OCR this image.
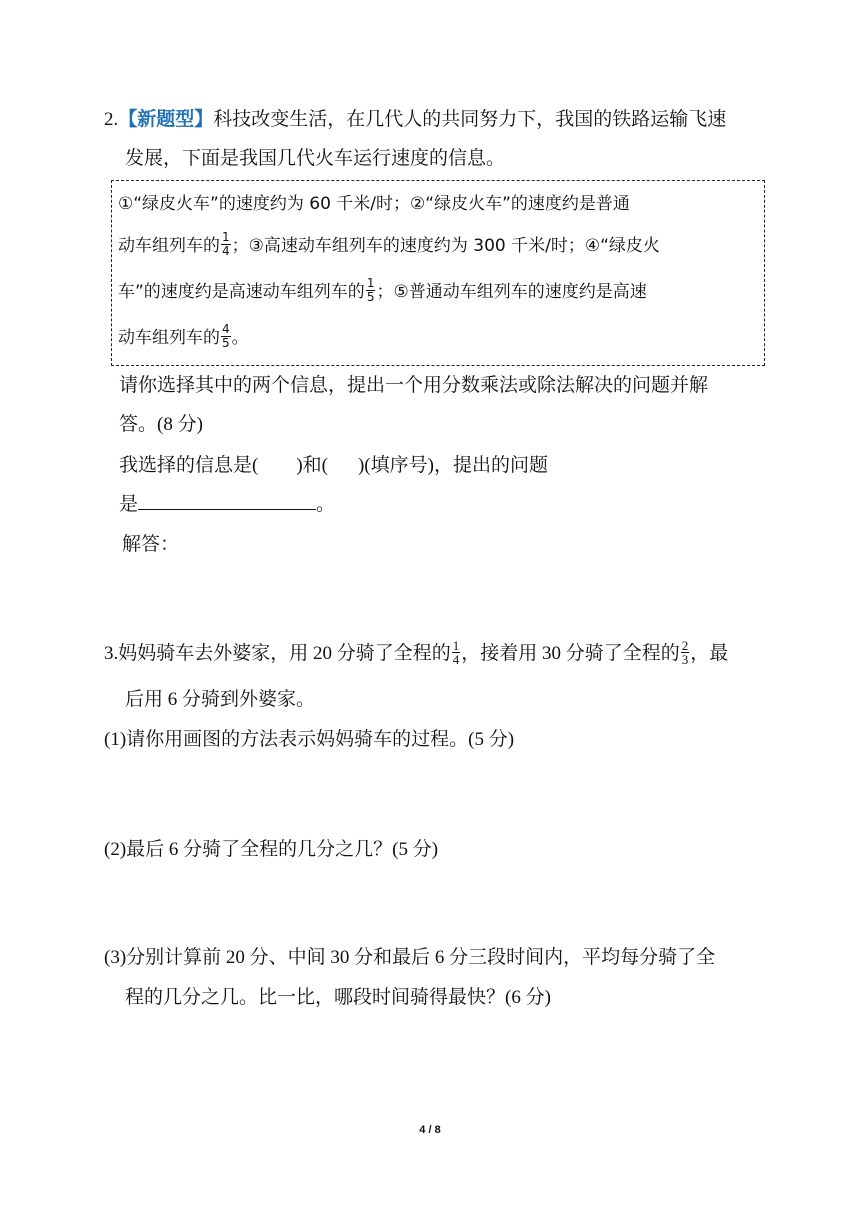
2.【新题型】科技改变生活，在几代人的共同努力下，我国的铁路运输飞速
发展，下面是我国几代火车运行速度的信息。
①“绿皮火车”的速度约为 60 千米/时；②“绿皮火车”的速度约是普通
动车组列车的 $\frac{1}{4}$ ；③高速动车组列车的速度约为 300 千米/时；④“绿皮火
车”的速度约是高速动车组列车的 $\frac{1}{5}$ ；⑤普通动车组列车的速度约是高速
动车组列车的 $\frac{4}{5}$ 。
请你选择其中的两个信息，提出一个用分数乘法或除法解决的问题并解
答。(8 分)
我选择的信息是( )和( )(填序号)，提出的问题
是	。
解答：
3.妈妈骑车去外婆家，用 20 分骑了全程的 $\frac{1}{4}$ ，接着用 30 分骑了全程的 $\frac{2}{3}$ ，最
后用 6 分骑到外婆家。
(1)请你用画图的方法表示妈妈骑车的过程。(5 分)
(2)最后 6 分骑了全程的几分之几？(5 分)
(3)分别计算前 20 分、中间 30 分和最后 6 分三段时间内，平均每分骑了全
程的几分之几。比一比，哪段时间骑得最快？(6 分)
4 / 8
